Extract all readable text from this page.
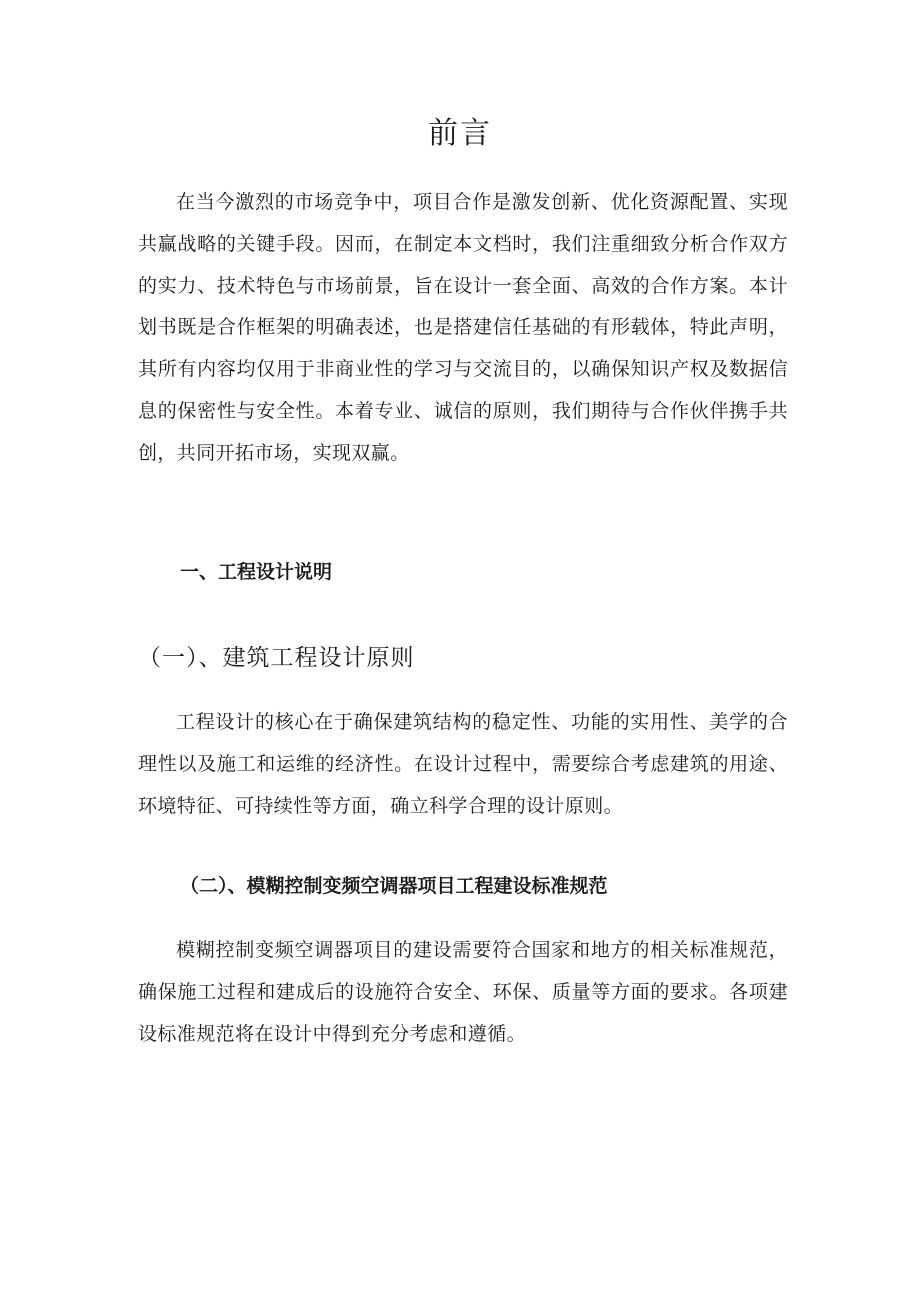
前言

在当今激烈的市场竞争中，项目合作是激发创新、优化资源配置、实现共赢战略的关键手段。因而，在制定本文档时，我们注重细致分析合作双方的实力、技术特色与市场前景，旨在设计一套全面、高效的合作方案。本计划书既是合作框架的明确表述，也是搭建信任基础的有形载体，特此声明，其所有内容均仅用于非商业性的学习与交流目的，以确保知识产权及数据信息的保密性与安全性。本着专业、诚信的原则，我们期待与合作伙伴携手共创，共同开拓市场，实现双赢。

一、工程设计说明
（一）、建筑工程设计原则

工程设计的核心在于确保建筑结构的稳定性、功能的实用性、美学的合理性以及施工和运维的经济性。在设计过程中，需要综合考虑建筑的用途、环境特征、可持续性等方面，确立科学合理的设计原则。

（二）、模糊控制变频空调器项目工程建设标准规范

模糊控制变频空调器项目的建设需要符合国家和地方的相关标准规范，确保施工过程和建成后的设施符合安全、环保、质量等方面的要求。各项建设标准规范将在设计中得到充分考虑和遵循。
